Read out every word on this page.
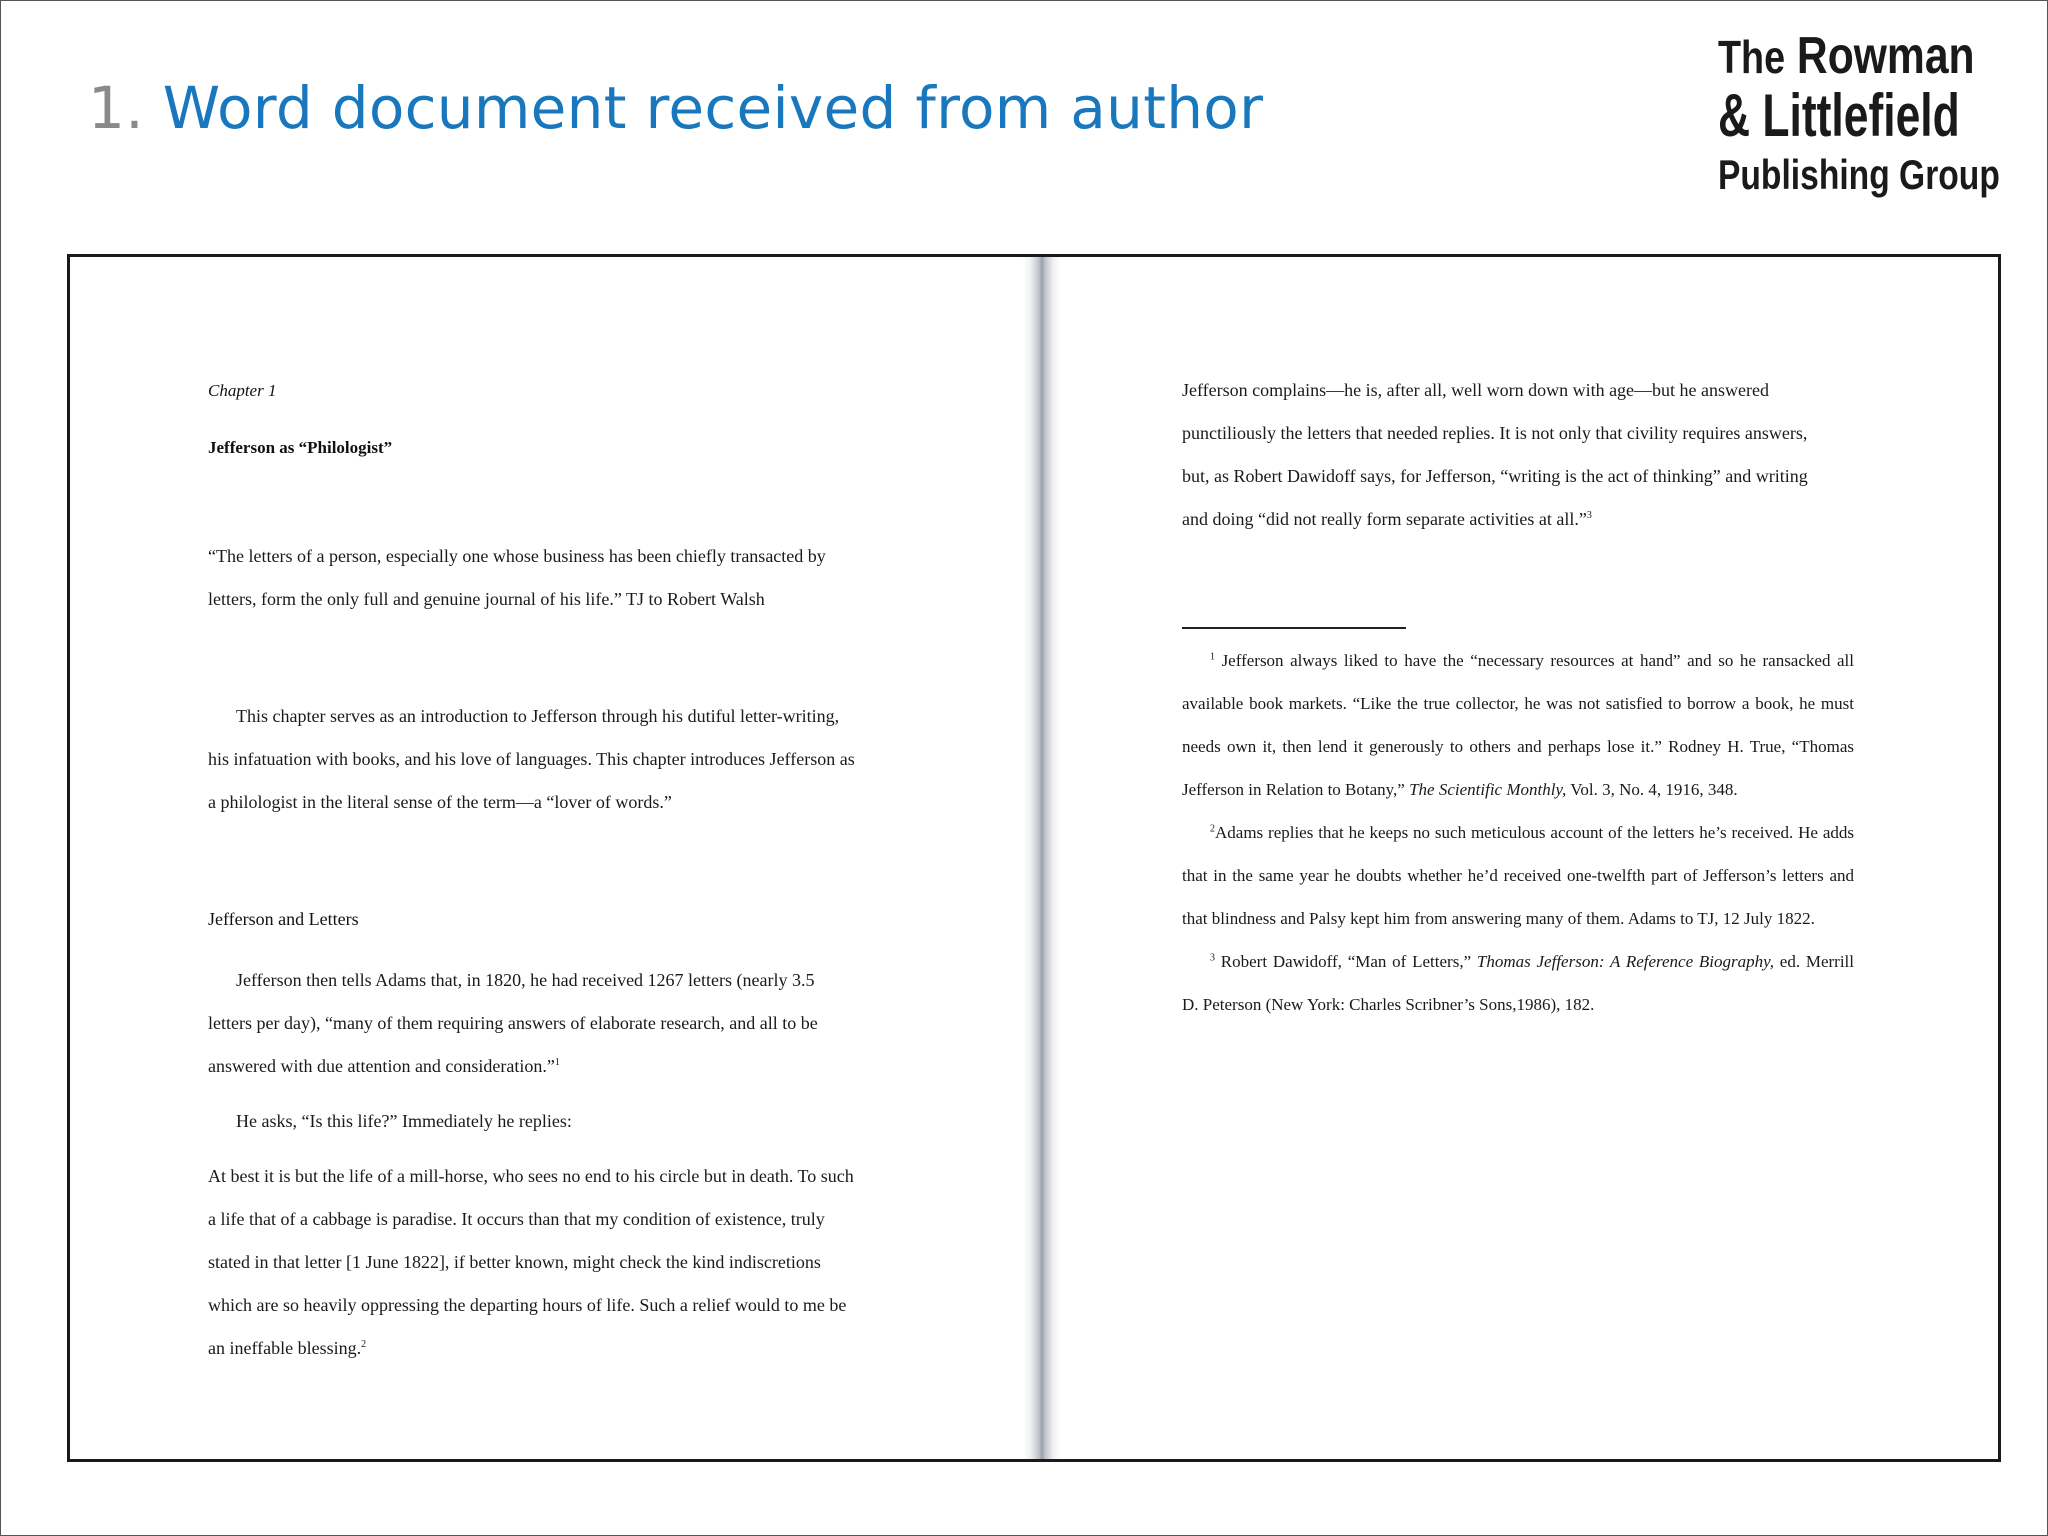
1. Word document received from author
The Rowman
& Littlefield
Publishing Group

Chapter 1

Jefferson as “Philologist”

“The letters of a person, especially one whose business has been chiefly transacted by

letters, form the only full and genuine journal of his life.” TJ to Robert Walsh

This chapter serves as an introduction to Jefferson through his dutiful letter-writing,

his infatuation with books, and his love of languages. This chapter introduces Jefferson as

a philologist in the literal sense of the term—a “lover of words.”

Jefferson and Letters

Jefferson then tells Adams that, in 1820, he had received 1267 letters (nearly 3.5

letters per day), “many of them requiring answers of elaborate research, and all to be

answered with due attention and consideration.”$^1$

He asks, “Is this life?” Immediately he replies:

At best it is but the life of a mill-horse, who sees no end to his circle but in death. To such

a life that of a cabbage is paradise. It occurs than that my condition of existence, truly

stated in that letter [1 June 1822], if better known, might check the kind indiscretions

which are so heavily oppressing the departing hours of life. Such a relief would to me be

an ineffable blessing.$^2$

Jefferson complains—he is, after all, well worn down with age—but he answered

punctiliously the letters that needed replies. It is not only that civility requires answers,

but, as Robert Dawidoff says, for Jefferson, “writing is the act of thinking” and writing

and doing “did not really form separate activities at all.”$^3$

$^1$ Jefferson always liked to have the “necessary resources at hand” and so he ransacked all available book markets. “Like the true collector, he was not satisfied to borrow a book, he must needs own it, then lend it generously to others and perhaps lose it.” Rodney H. True, “Thomas Jefferson in Relation to Botany,” The Scientific Monthly, Vol. 3, No. 4, 1916, 348.

$^2$Adams replies that he keeps no such meticulous account of the letters he’s received. He adds that in the same year he doubts whether he’d received one-twelfth part of Jefferson’s letters and that blindness and Palsy kept him from answering many of them. Adams to TJ, 12 July 1822.

$^3$ Robert Dawidoff, “Man of Letters,” Thomas Jefferson: A Reference Biography, ed. Merrill D. Peterson (New York: Charles Scribner’s Sons,1986), 182.
